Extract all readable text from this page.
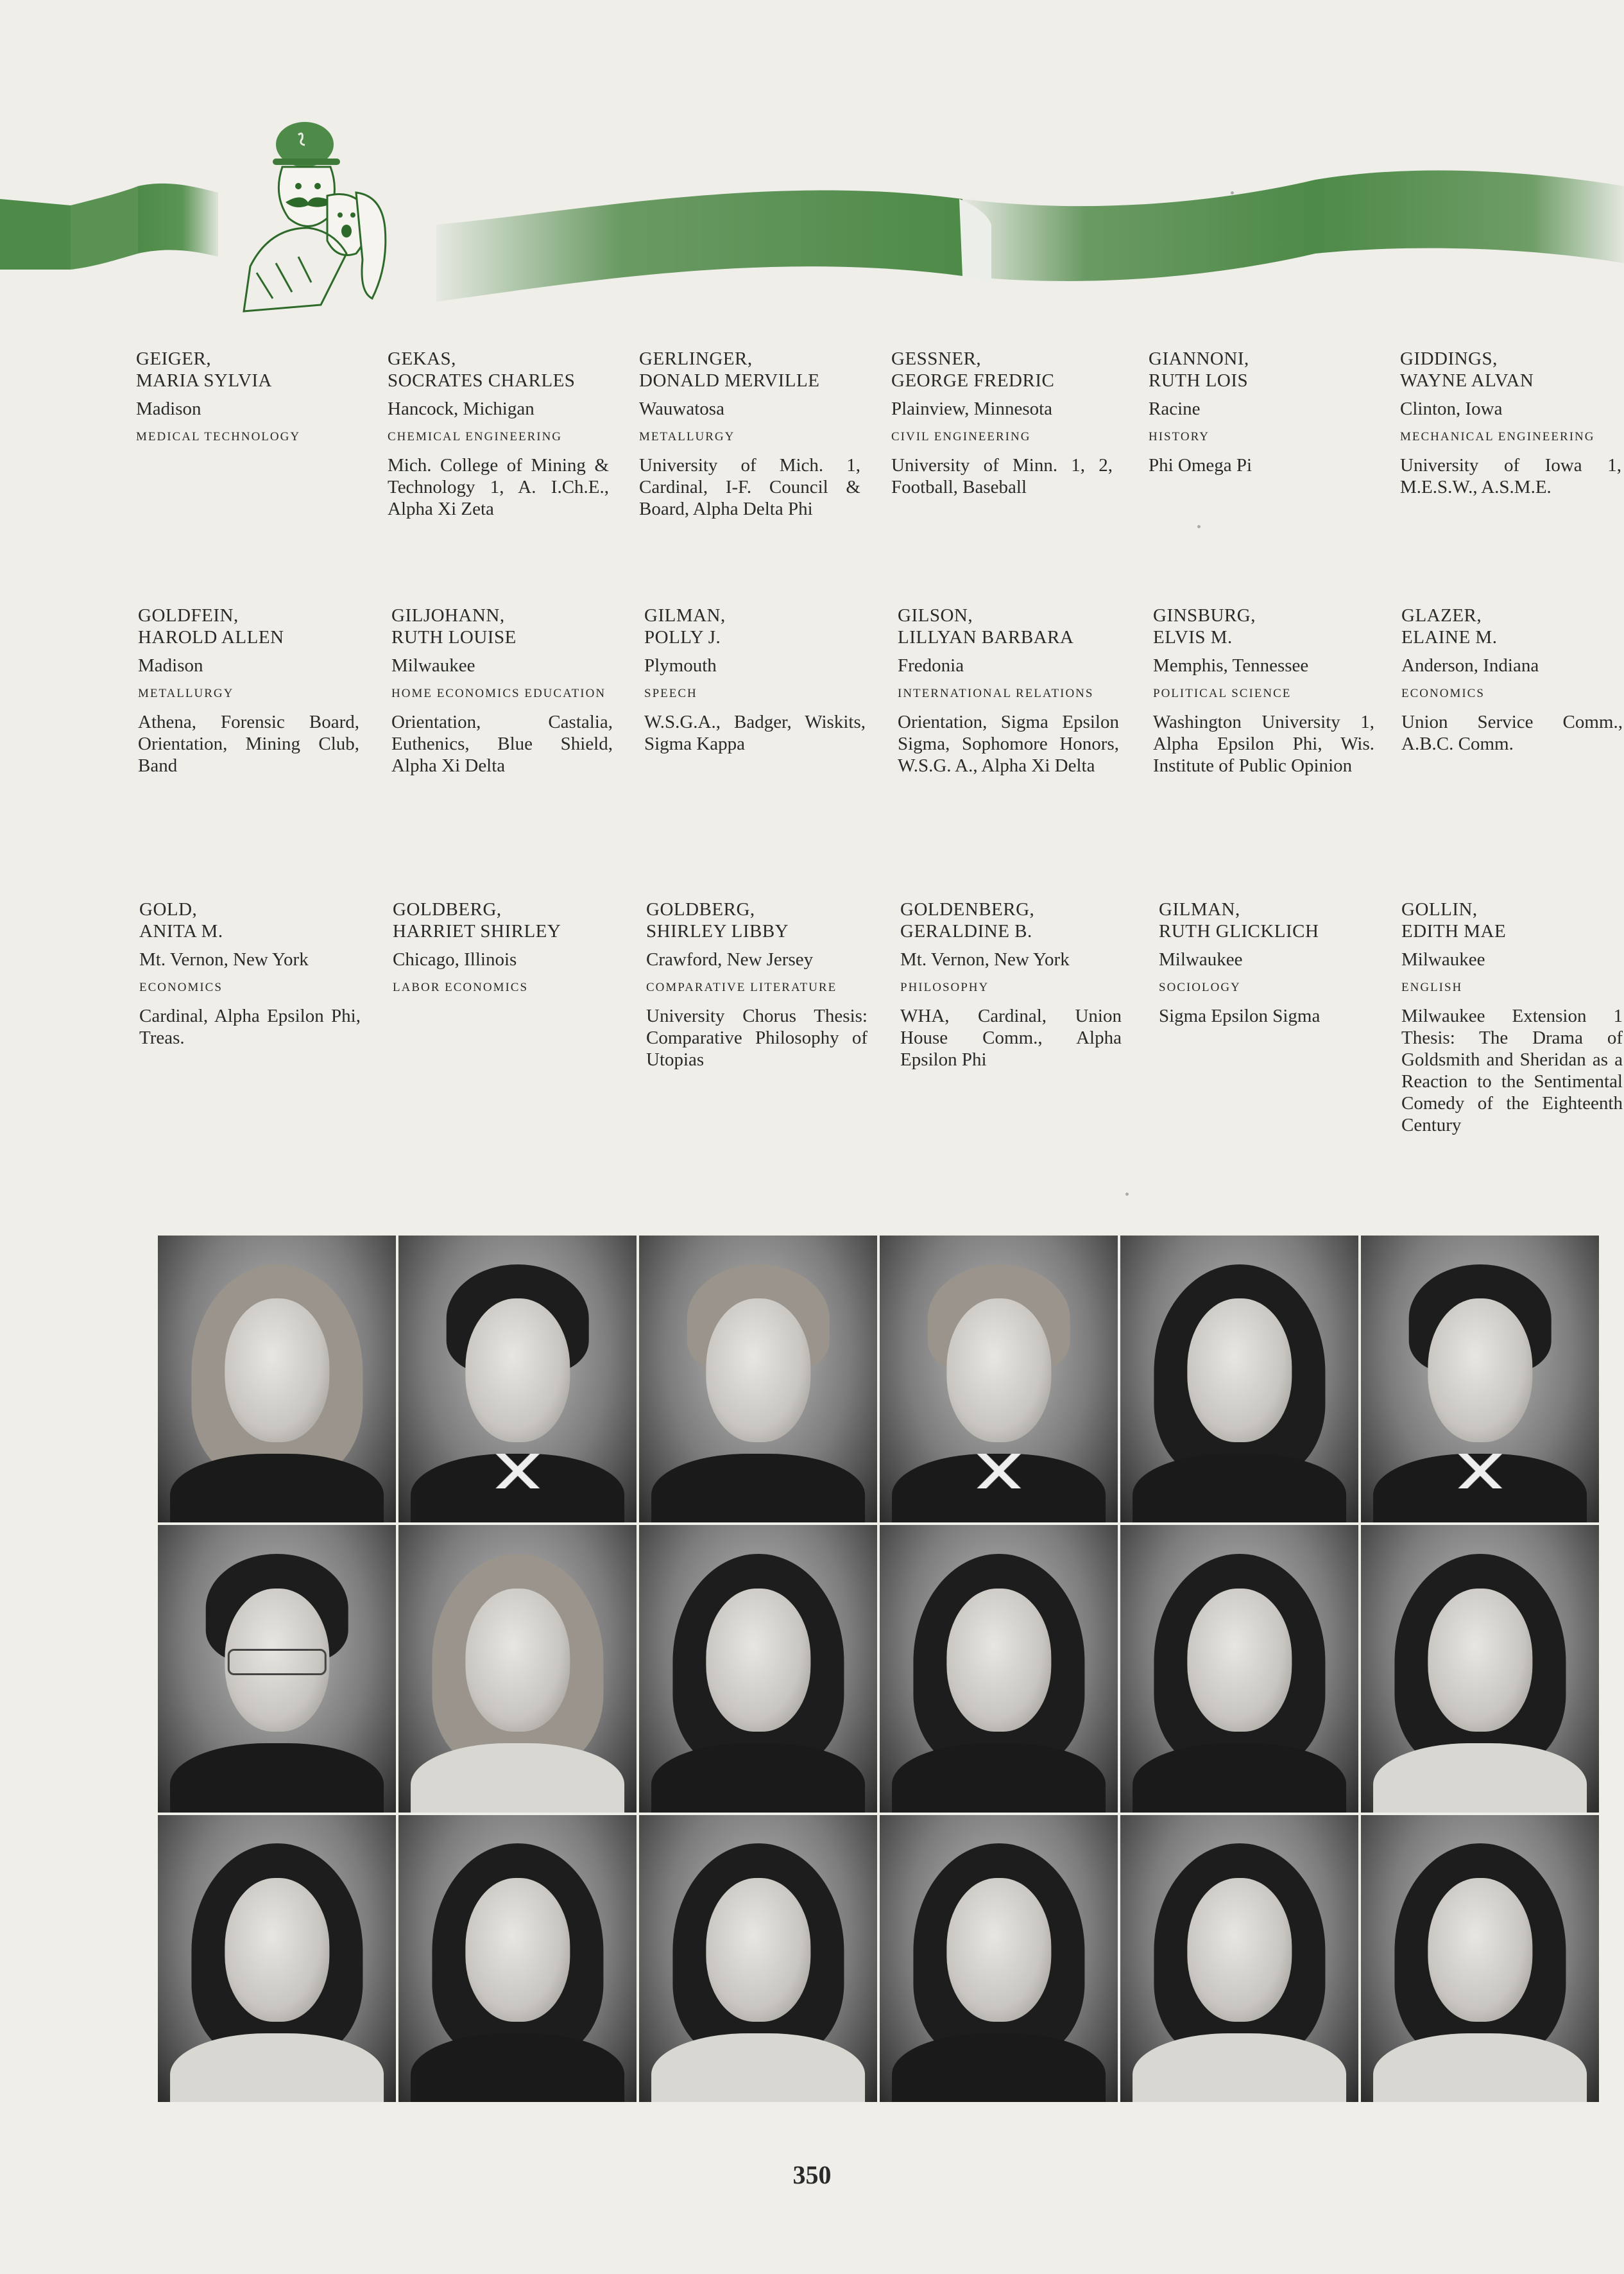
GEIGER,
MARIA SYLVIA
Madison
MEDICAL TECHNOLOGY
GEKAS,
SOCRATES CHARLES
Hancock, Michigan
CHEMICAL ENGINEERING
Mich. College of Mining & Technology 1, A. I.Ch.E., Alpha Xi Zeta
GERLINGER,
DONALD MERVILLE
Wauwatosa
METALLURGY
University of Mich. 1, Cardinal, I-F. Council & Board, Alpha Delta Phi
GESSNER,
GEORGE FREDRIC
Plainview, Minnesota
CIVIL ENGINEERING
University of Minn. 1, 2, Football, Baseball
GIANNONI,
RUTH LOIS
Racine
HISTORY
Phi Omega Pi
GIDDINGS,
WAYNE ALVAN
Clinton, Iowa
MECHANICAL ENGINEERING
University of Iowa 1, M.E.S.W., A.S.M.E.
GOLDFEIN,
HAROLD ALLEN
Madison
METALLURGY
Athena, Forensic Board, Orientation, Mining Club, Band
GILJOHANN,
RUTH LOUISE
Milwaukee
HOME ECONOMICS EDUCATION
Orientation, Castalia, Euthenics, Blue Shield, Alpha Xi Delta
GILMAN,
POLLY J.
Plymouth
SPEECH
W.S.G.A., Badger, Wiskits, Sigma Kappa
GILSON,
LILLYAN BARBARA
Fredonia
INTERNATIONAL RELATIONS
Orientation, Sigma Epsilon Sigma, Sophomore Honors, W.S.G. A., Alpha Xi Delta
GINSBURG,
ELVIS M.
Memphis, Tennessee
POLITICAL SCIENCE
Washington University 1, Alpha Epsilon Phi, Wis. Institute of Public Opinion
GLAZER,
ELAINE M.
Anderson, Indiana
ECONOMICS
Union Service Comm., A.B.C. Comm.
GOLD,
ANITA M.
Mt. Vernon, New York
ECONOMICS
Cardinal, Alpha Epsilon Phi, Treas.
GOLDBERG,
HARRIET SHIRLEY
Chicago, Illinois
LABOR ECONOMICS
GOLDBERG,
SHIRLEY LIBBY
Crawford, New Jersey
COMPARATIVE LITERATURE
University Chorus Thesis: Comparative Philosophy of Utopias
GOLDENBERG,
GERALDINE B.
Mt. Vernon, New York
PHILOSOPHY
WHA, Cardinal, Union House Comm., Alpha Epsilon Phi
GILMAN,
RUTH GLICKLICH
Milwaukee
SOCIOLOGY
Sigma Epsilon Sigma
GOLLIN,
EDITH MAE
Milwaukee
ENGLISH
Milwaukee Extension 1 Thesis: The Drama of Goldsmith and Sheridan as a Reaction to the Sentimental Comedy of the Eighteenth Century
350
